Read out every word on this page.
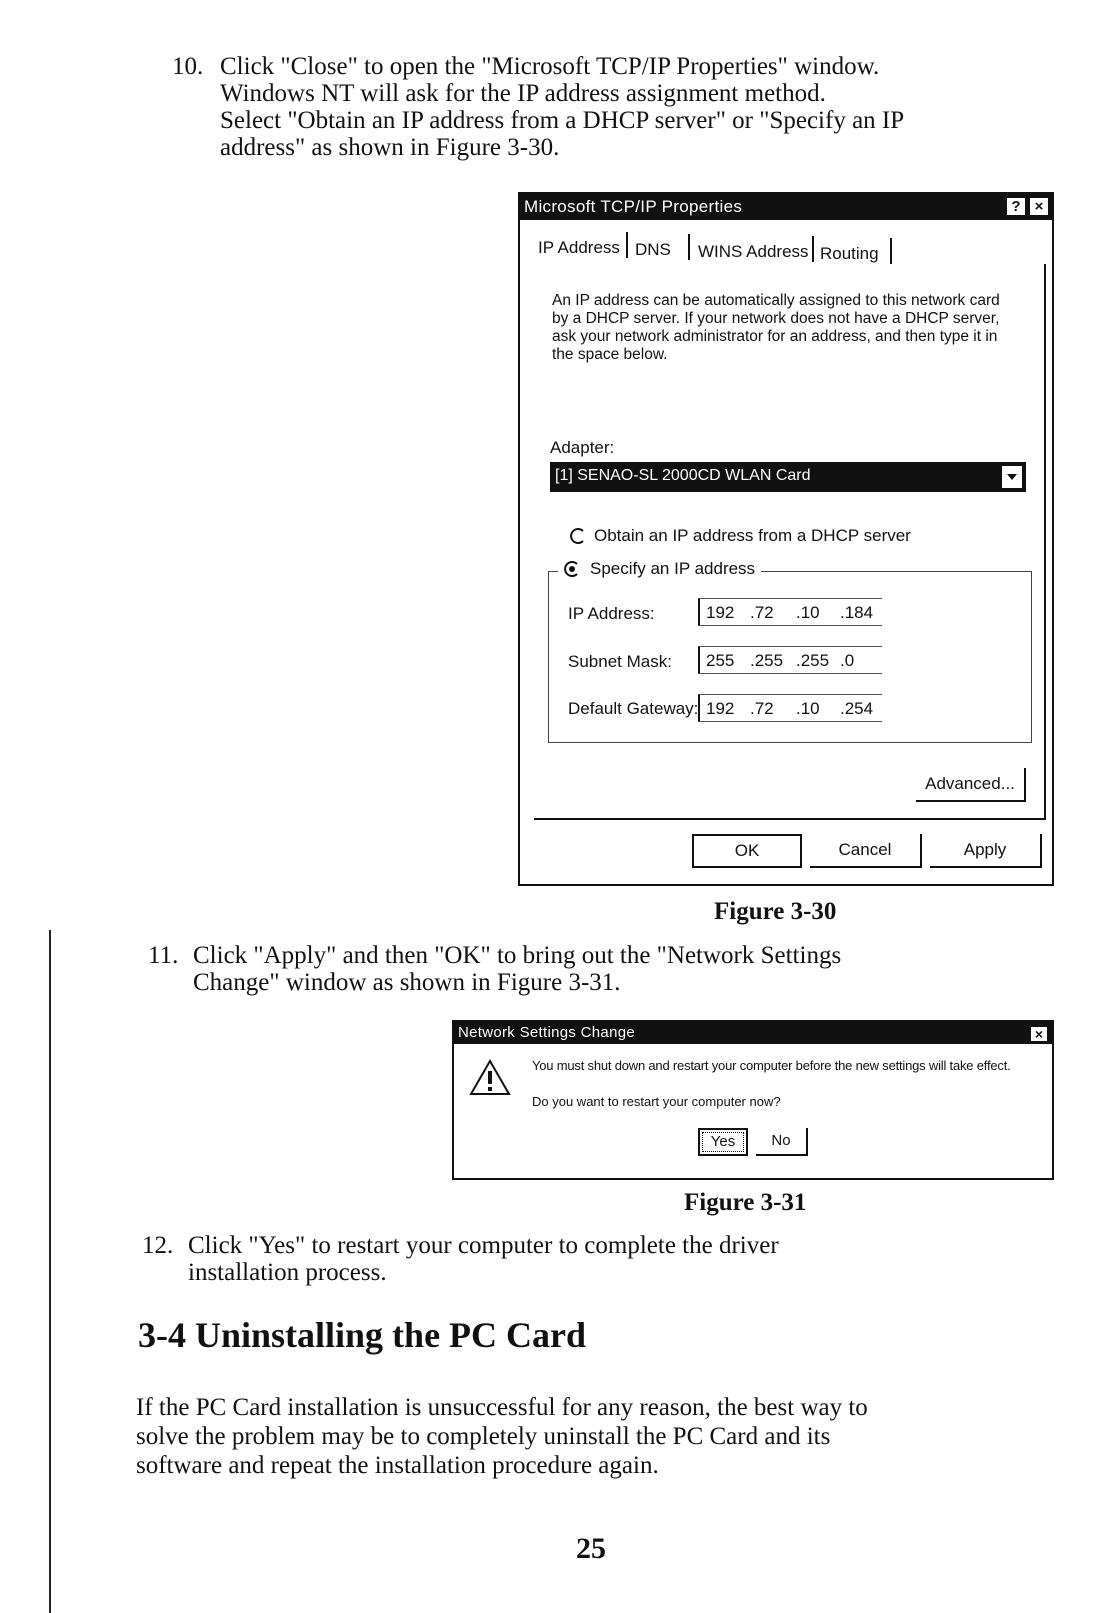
10. Click "Close" to open the "Microsoft TCP/IP Properties" window.
Windows NT will ask for the IP address assignment method.
Select "Obtain an IP address from a DHCP server" or "Specify an IP
address" as shown in Figure 3-30.
Microsoft TCP/IP Properties	? ×
IP Address DNS WINS Address Routing
An IP address can be automatically assigned to this network card
by a DHCP server. If your network does not have a DHCP server,
ask your network administrator for an address, and then type it in
the space below.
Adapter:
[1] SENAO-SL 2000CD WLAN Card
Obtain an IP address from a DHCP server
Specify an IP address
IP Address:	192 .72 .10 .184
Subnet Mask: 255 .255 .255 .0
Default Gateway: 192 .72 .10 .254
Advanced...
OK	Cancel	Apply
Figure 3-30
11. Click "Apply" and then "OK" to bring out the "Network Settings
Change" window as shown in Figure 3-31.
Network Settings Change	×
You must shut down and restart your computer before the new settings will take effect.
Do you want to restart your computer now?
Yes	No
Figure 3-31
12. Click "Yes" to restart your computer to complete the driver
installation process.
3-4 Uninstalling the PC Card
If the PC Card installation is unsuccessful for any reason, the best way to
solve the problem may be to completely uninstall the PC Card and its
software and repeat the installation procedure again.
25
